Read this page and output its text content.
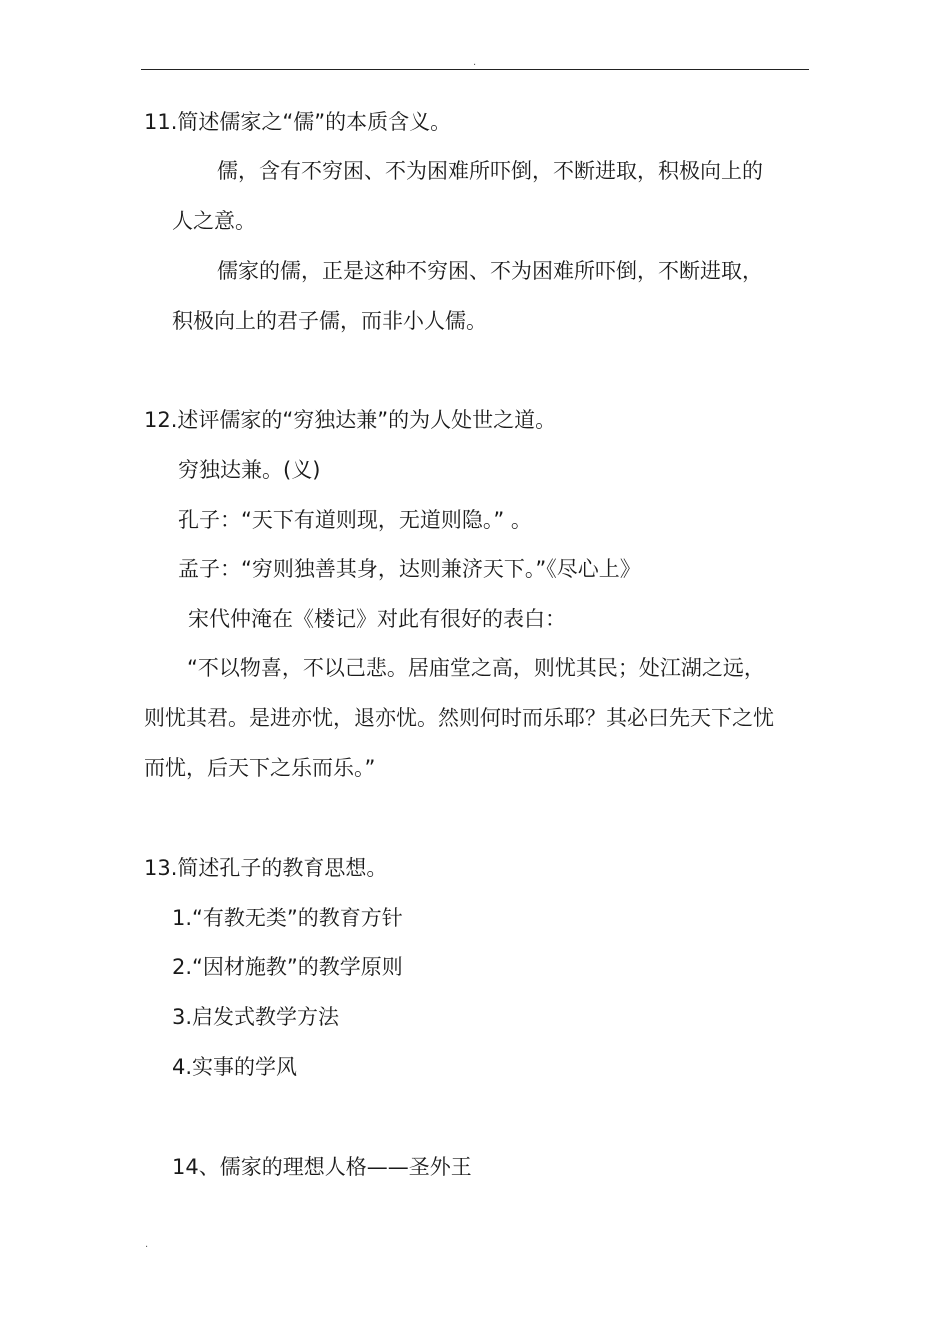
.

11.简述儒家之“儒”的本质含义。

儒，含有不穷困、不为困难所吓倒，不断进取，积极向上的

人之意。

儒家的儒，正是这种不穷困、不为困难所吓倒，不断进取，

积极向上的君子儒，而非小人儒。

12.述评儒家的“穷独达兼”的为人处世之道。

穷独达兼。(义)

孔子：“天下有道则现，无道则隐。” 。

孟子：“穷则独善其身，达则兼济天下。”《尽心上》

宋代仲淹在《楼记》对此有很好的表白：

“不以物喜，不以己悲。居庙堂之高，则忧其民；处江湖之远，

则忧其君。是进亦忧，退亦忧。然则何时而乐耶？其必曰先天下之忧

而忧，后天下之乐而乐。”

13.简述孔子的教育思想。

1.“有教无类”的教育方针

2.“因材施教”的教学原则

3.启发式教学方法

4.实事的学风

14、儒家的理想人格——圣外王

.
